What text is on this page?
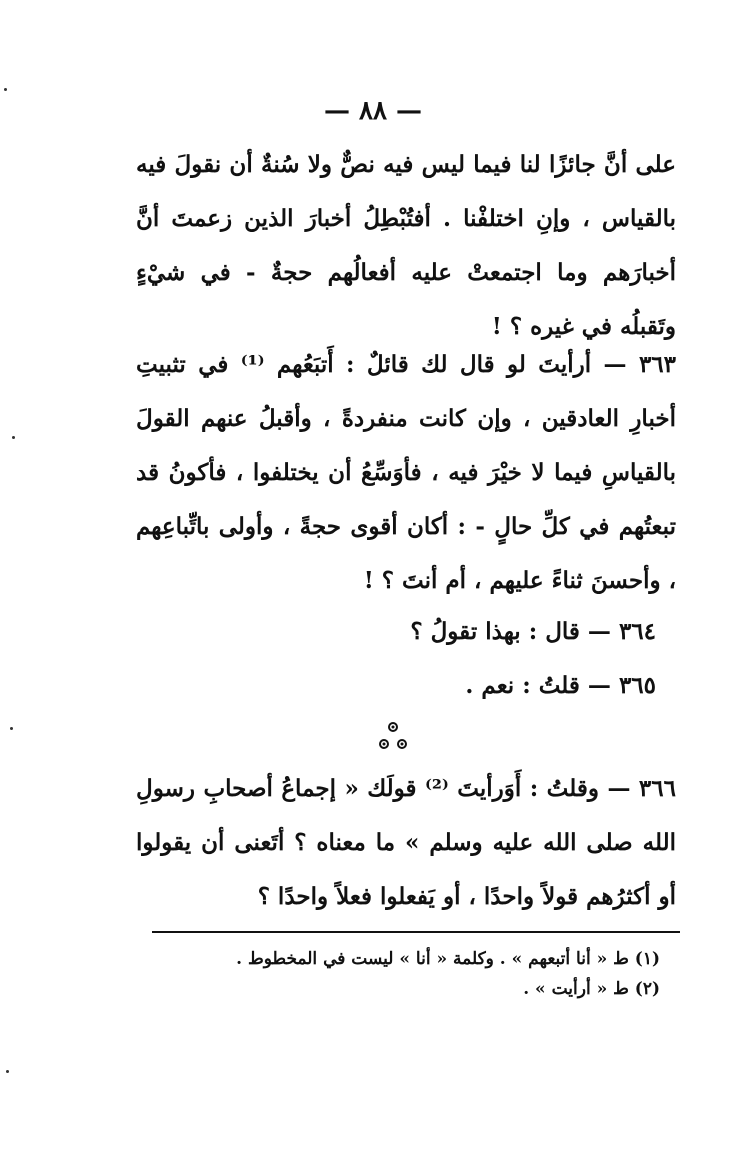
— ٨٨ —

على أنَّ جائزًا لنا فيما ليس فيه نصٌّ ولا سُنةٌ أن نقولَ فيه بالقياس ، وإنِ اختلفْنا . أفتُبْطِلُ أخبارَ الذين زعمتَ أنَّ أخبارَهم وما اجتمعتْ عليه أفعالُهم حجةٌ - في شيْءٍ وتَقبلُه في غيره ؟ !

٣٦٣ — أرأيتَ لو قال لك قائلٌ : أَتبَعُهم ⁽¹⁾ في تثبيتِ أخبارِ العادقين ، وإن كانت منفردةً ، وأقبلُ عنهم القولَ بالقياسِ فيما لا خيْرَ فيه ، فأوَسِّعُ أن يختلفوا ، فأكونُ قد تبعتُهم في كلِّ حالٍ - : أكان أقوى حجةً ، وأولى باتِّباعِهم ، وأحسنَ ثناءً عليهم ، أم أنتَ ؟ !

٣٦٤ — قال : بهذا تقولُ ؟

٣٦٥ — قلتُ : نعم .

٣٦٦ — وقلتُ : أَوَرأيتَ ⁽²⁾ قولَك « إجماعُ أصحابِ رسولِ الله صلى الله عليه وسلم » ما معناه ؟ أتَعنى أن يقولوا أو أكثرُهم قولاً واحدًا ، أو يَفعلوا فعلاً واحدًا ؟

(١) ط « أنا أتبعهم » . وكلمة « أنا » ليست في المخطوط .

(٢) ط « أرأيت » .
